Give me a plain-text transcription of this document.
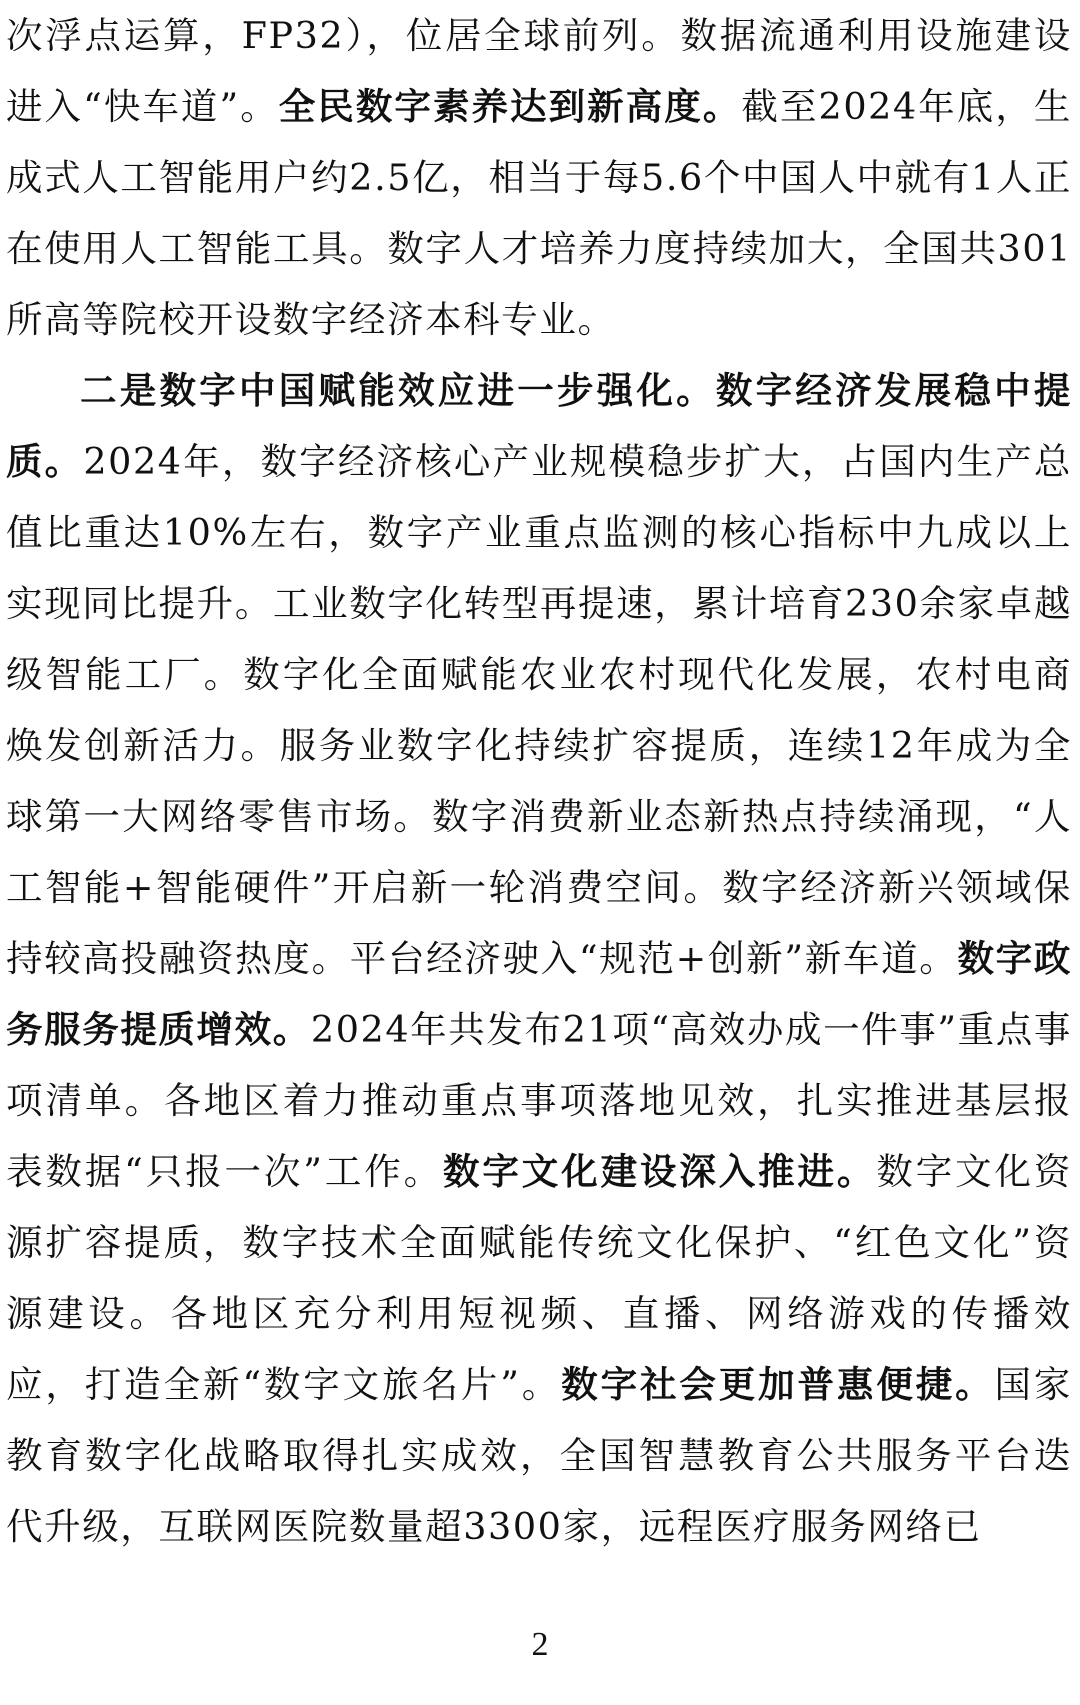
次浮点运算，FP32），位居全球前列。数据流通利用设施建设进入“快车道”。全民数字素养达到新高度。截至2024年底，生成式人工智能用户约2.5亿，相当于每5.6个中国人中就有1人正在使用人工智能工具。数字人才培养力度持续加大，全国共301所高等院校开设数字经济本科专业。

二是数字中国赋能效应进一步强化。数字经济发展稳中提质。2024年，数字经济核心产业规模稳步扩大，占国内生产总值比重达10%左右，数字产业重点监测的核心指标中九成以上实现同比提升。工业数字化转型再提速，累计培育230余家卓越级智能工厂。数字化全面赋能农业农村现代化发展，农村电商焕发创新活力。服务业数字化持续扩容提质，连续12年成为全球第一大网络零售市场。数字消费新业态新热点持续涌现，“人工智能+智能硬件”开启新一轮消费空间。数字经济新兴领域保持较高投融资热度。平台经济驶入“规范+创新”新车道。数字政务服务提质增效。2024年共发布21项“高效办成一件事”重点事项清单。各地区着力推动重点事项落地见效，扎实推进基层报表数据“只报一次”工作。数字文化建设深入推进。数字文化资源扩容提质，数字技术全面赋能传统文化保护、“红色文化”资源建设。各地区充分利用短视频、直播、网络游戏的传播效应，打造全新“数字文旅名片”。数字社会更加普惠便捷。国家教育数字化战略取得扎实成效，全国智慧教育公共服务平台迭代升级，互联网医院数量超3300家，远程医疗服务网络已

2
